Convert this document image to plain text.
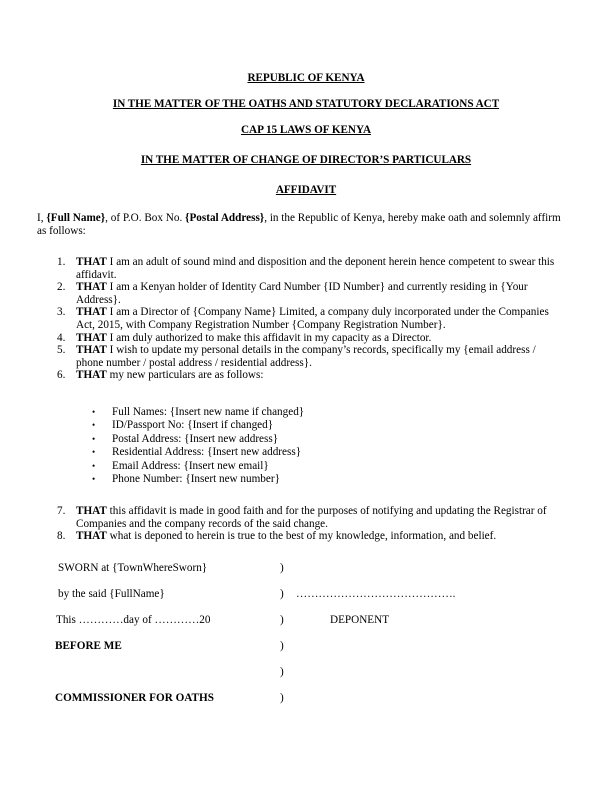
REPUBLIC OF KENYA
IN THE MATTER OF THE OATHS AND STATUTORY DECLARATIONS ACT
CAP 15 LAWS OF KENYA
IN THE MATTER OF CHANGE OF DIRECTOR’S PARTICULARS
AFFIDAVIT

I, {Full Name}, of P.O. Box No. {Postal Address}, in the Republic of Kenya, hereby make oath and solemnly affirm as follows:

1. THAT I am an adult of sound mind and disposition and the deponent herein hence competent to swear this affidavit.
2. THAT I am a Kenyan holder of Identity Card Number {ID Number} and currently residing in {Your Address}.
3. THAT I am a Director of {Company Name} Limited, a company duly incorporated under the Companies Act, 2015, with Company Registration Number {Company Registration Number}.
4. THAT I am duly authorized to make this affidavit in my capacity as a Director.
5. THAT I wish to update my personal details in the company’s records, specifically my {email address / phone number / postal address / residential address}.
6. THAT my new particulars are as follows:
• Full Names: {Insert new name if changed}
• ID/Passport No: {Insert if changed}
• Postal Address: {Insert new address}
• Residential Address: {Insert new address}
• Email Address: {Insert new email}
• Phone Number: {Insert new number}
7. THAT this affidavit is made in good faith and for the purposes of notifying and updating the Registrar of Companies and the company records of the said change.
8. THAT what is deponed to herein is true to the best of my knowledge, information, and belief.
SWORN at {TownWhereSworn}	)
by the said {FullName}	) …………………………………….
This …………day of …………20	)	DEPONENT
BEFORE ME	)
)
COMMISSIONER FOR OATHS	)
